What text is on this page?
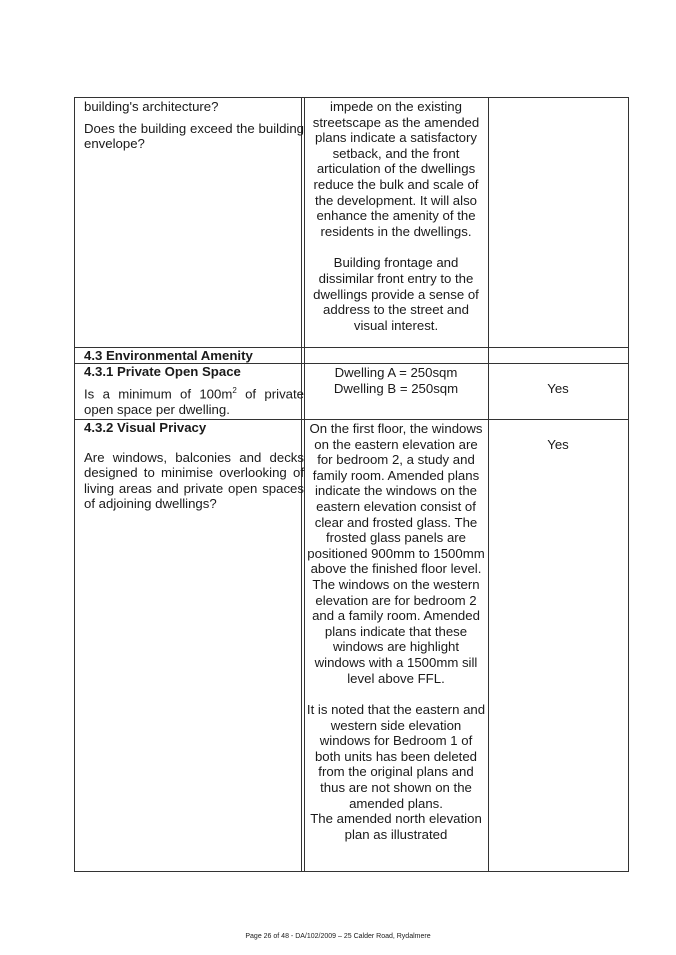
building's architecture?
Does the building exceed the building envelope?
impede on the existing streetscape as the amended plans indicate a satisfactory setback, and the front articulation of the dwellings reduce the bulk and scale of the development. It will also enhance the amenity of the residents in the dwellings.
Building frontage and dissimilar front entry to the dwellings provide a sense of address to the street and visual interest.
4.3 Environmental Amenity
4.3.1 Private Open Space
Is a minimum of $100m^2$ of private open space per dwelling.
Dwelling A = 250sqm
Dwelling B = 250sqm	Yes
4.3.2 Visual Privacy
Are windows, balconies and decks designed to minimise overlooking of living areas and private open spaces of adjoining dwellings?
On the first floor, the windows on the eastern elevation are for bedroom 2, a study and family room. Amended plans indicate the windows on the eastern elevation consist of clear and frosted glass. The frosted glass panels are positioned 900mm to 1500mm above the finished floor level. The windows on the western elevation are for bedroom 2 and a family room. Amended plans indicate that these windows are highlight windows with a 1500mm sill level above FFL.
It is noted that the eastern and western side elevation windows for Bedroom 1 of both units has been deleted from the original plans and thus are not shown on the amended plans.
The amended north elevation plan as illustrated
Yes
Page 26 of 48 - DA/102/2009 – 25 Calder Road, Rydalmere
